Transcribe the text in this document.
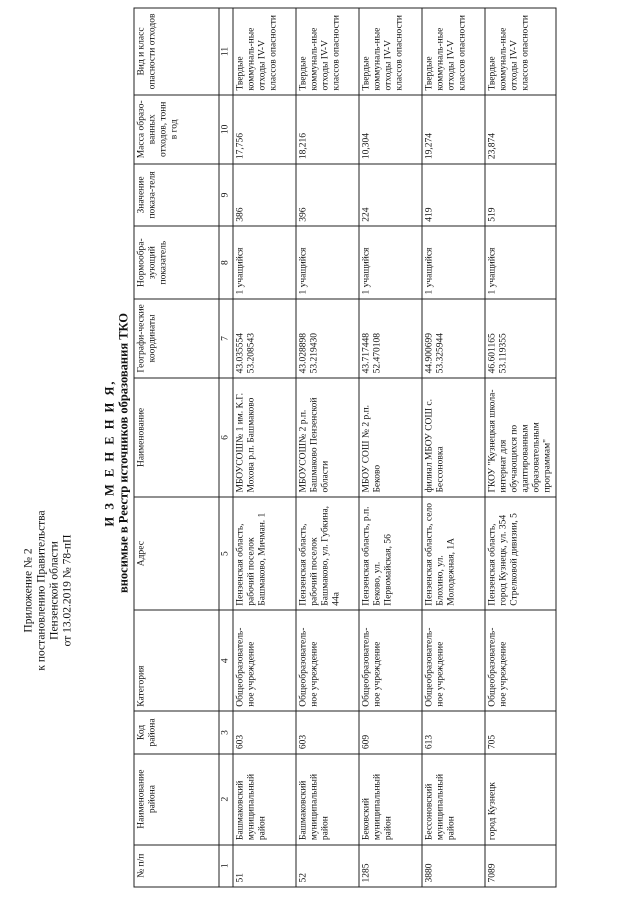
Приложение № 2 к постановлению Правительства Пензенской области от 13.02.2019 № 78-пП
И З М Е Н Е Н И Я, вносимые в Реестр источников образования ТКО
№ п/п	Наименование района	Код района	Категория	Адрес	Наименование	Географи-ческие координаты	Нормообра-зующий показатель	Значение показа-теля	Масса образо-ванных отходов, тонн в год	Вид и класс опасности отходов
1	2	3	4	5	6	7	8	9	10	11
51	Башмаковский муниципальный район	603	Общеобразователь-ное учреждение	Пензенская область, рабочий поселок Башмаково, Мичман. 1	МБОУСОШ№ 1 им. К.Г. Мохова р.п. Башмаково	43.035554 53.208543	1 учащийся	386	17,756	Твердые коммуналь-ные отходы IV-V классов опасности
52	Башмаковский муниципальный район	603	Общеобразователь-ное учреждение	Пензенская область, рабочий поселок Башмаково, ул. Губкина, 44а	МБОУСОШ№ 2 р.п. Башмаково Пензенской области	43.028898 53.219430	1 учащийся	396	18,216	Твердые коммуналь-ные отходы IV-V классов опасности
1285	Бековский муниципальный район	609	Общеобразователь-ное учреждение	Пензенская область, р.п. Беково, ул. Первомайская, 56	МБОУ СОШ № 2 р.п. Беково	43.717448 52.470108	1 учащийся	224	10,304	Твердые коммуналь-ные отходы IV-V классов опасности
3880	Бессоновский муниципальный район	613	Общеобразователь-ное учреждение	Пензенская область, село Блохино, ул. Молодежная, 1А	филиал МБОУ СОШ с. Бессоновка	44.900699 53.325944	1 учащийся	419	19,274	Твердые коммуналь-ные отходы IV-V классов опасности
7089	город Кузнецк	705	Общеобразователь-ное учреждение	Пензенская область, город Кузнецк, ул. 354 Стрелковой дивизии, 5	ГКОУ "Кузнецкая школа-интернат для обучающихся по адаптированным образовательным программам"	46.601165 53.119355	1 учащийся	519	23,874	Твердые коммуналь-ные отходы IV-V классов опасности
